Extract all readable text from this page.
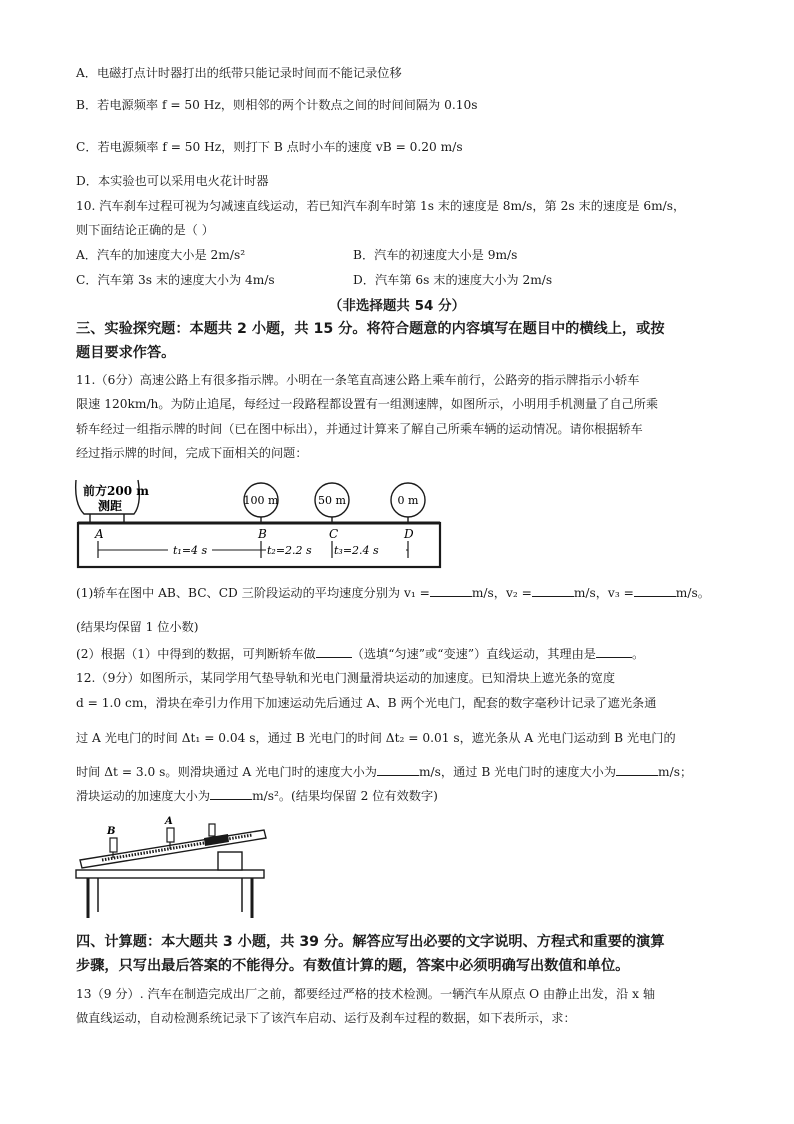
A．电磁打点计时器打出的纸带只能记录时间而不能记录位移
B．若电源频率 f = 50 Hz，则相邻的两个计数点之间的时间间隔为 0.10s
C．若电源频率 f = 50 Hz，则打下 B 点时小车的速度 vB = 0.20 m/s
D．本实验也可以采用电火花计时器
10. 汽车刹车过程可视为匀减速直线运动，若已知汽车刹车时第 1s 末的速度是 8m/s，第 2s 末的速度是 6m/s，
则下面结论正确的是（ ）
A．汽车的加速度大小是 2m/s²	B．汽车的初速度大小是 9m/s
C．汽车第 3s 末的速度大小为 4m/s	D．汽车第 6s 末的速度大小为 2m/s
（非选择题共 54 分）
三、实验探究题：本题共 2 小题，共 15 分。将符合题意的内容填写在题目中的横线上，或按
题目要求作答。
11.（6分）高速公路上有很多指示牌。小明在一条笔直高速公路上乘车前行，公路旁的指示牌指示小轿车
限速 120km/h。为防止追尾，每经过一段路程都设置有一组测速牌，如图所示，小明用手机测量了自己所乘
轿车经过一组指示牌的时间（已在图中标出），并通过计算来了解自己所乘车辆的运动情况。请你根据轿车
经过指示牌的时间，完成下面相关的问题：
前方200 m
测距	100 m	50 m	0 m
A	B	C	D
t₁=4 s	t₂=2.2 s t₃=2.4 s
(1)轿车在图中 AB、BC、CD 三阶段运动的平均速度分别为 v₁ =	m/s，v₂ =	m/s，v₃ =	m/s。
(结果均保留 1 位小数)
(2）根据（1）中得到的数据，可判断轿车做	（选填“匀速”或“变速”）直线运动，其理由是	。
12.（9分）如图所示，某同学用气垫导轨和光电门测量滑块运动的加速度。已知滑块上遮光条的宽度
d = 1.0 cm，滑块在牵引力作用下加速运动先后通过 A、B 两个光电门，配套的数字毫秒计记录了遮光条通
过 A 光电门的时间 Δt₁ = 0.04 s，通过 B 光电门的时间 Δt₂ = 0.01 s，遮光条从 A 光电门运动到 B 光电门的
时间 Δt = 3.0 s。则滑块通过 A 光电门时的速度大小为	m/s，通过 B 光电门时的速度大小为	m/s；
滑块运动的加速度大小为	m/s²。(结果均保留 2 位有效数字)
B
A
四、计算题：本大题共 3 小题，共 39 分。解答应写出必要的文字说明、方程式和重要的演算
步骤，只写出最后答案的不能得分。有数值计算的题，答案中必须明确写出数值和单位。
13（9 分）. 汽车在制造完成出厂之前，都要经过严格的技术检测。一辆汽车从原点 O 由静止出发，沿 x 轴
做直线运动，自动检测系统记录下了该汽车启动、运行及刹车过程的数据，如下表所示，求：
